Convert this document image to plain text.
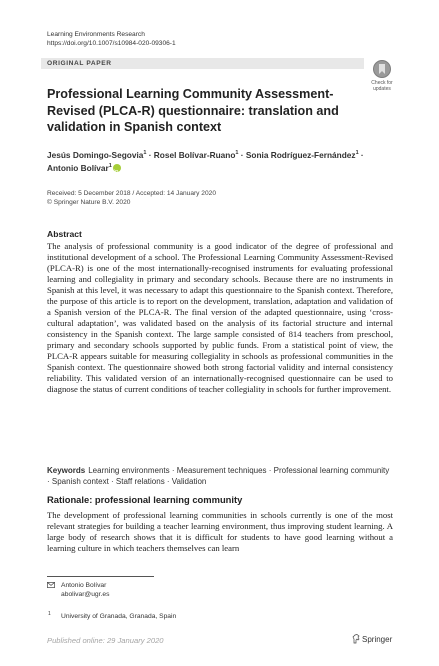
Learning Environments Research
https://doi.org/10.1007/s10984-020-09306-1
ORIGINAL PAPER
Check for
updates
Professional Learning Community Assessment-Revised (PLCA-R) questionnaire: translation and validation in Spanish context
Jesús Domingo-Segovia$^1$ · Rosel Bolívar-Ruano$^1$ · Sonia Rodríguez-Fernández$^1$ ·
Antonio Bolívar$^1$iD
Received: 5 December 2018 / Accepted: 14 January 2020
© Springer Nature B.V. 2020
Abstract
The analysis of professional community is a good indicator of the degree of professional and institutional development of a school. The Professional Learning Community Assessment-Revised (PLCA-R) is one of the most internationally-recognised instruments for evaluating professional learning and collegiality in primary and secondary schools. Because there are no instruments in Spanish at this level, it was necessary to adapt this questionnaire to the Spanish context. Therefore, the purpose of this article is to report on the development, translation, adaptation and validation of a Spanish version of the PLCA-R. The final version of the adapted questionnaire, using ‘cross-cultural adaptation’, was validated based on the analysis of its factorial structure and internal consistency in the Spanish context. The large sample consisted of 814 teachers from preschool, primary and secondary schools supported by public funds. From a statistical point of view, the PLCA-R appears suitable for measuring collegiality in schools as professional communities in the Spanish context. The questionnaire showed both strong factorial validity and internal consistency reliability. This validated version of an internationally-recognised questionnaire can be used to diagnose the status of current conditions of teacher collegiality in schools for further improvement.
Keywords Learning environments · Measurement techniques · Professional learning community · Spanish context · Staff relations · Validation
Rationale: professional learning community
The development of professional learning communities in schools currently is one of the most relevant strategies for building a teacher learning environment, thus improving student learning. A large body of research shows that it is difficult for students to have good learning without a learning culture in which teachers themselves can learn
Antonio Bolívar
abolivar@ugr.es
1 University of Granada, Granada, Spain
Published online: 29 January 2020	Springer
